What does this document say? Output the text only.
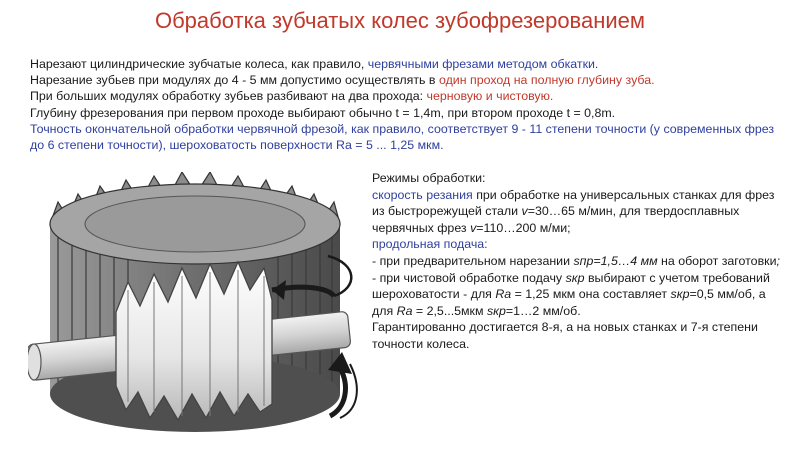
Обработка зубчатых колес зубофрезерованием

Нарезают цилиндрические зубчатые колеса, как правило, червячными фрезами методом обкатки.

Нарезание зубьев при модулях до 4 - 5 мм допустимо осуществлять в один проход на полную глубину зуба.

При больших модулях обработку зубьев разбивают на два прохода: черновую и чистовую.

Глубину фрезерования при первом проходе выбирают обычно t = 1,4m, при втором проходе t = 0,8m.

Точность окончательной обработки червячной фрезой, как правило, соответствует 9 - 11 степени точности (у современных фрез до 6 степени точности), шероховатость поверхности Ra = 5 ... 1,25 мкм.

Режимы обработки:

скорость резания при обработке на универсальных станках для фрез из быстрорежущей стали v=30…65 м/мин, для твердосплавных червячных фрез v=110…200 м/ми;

продольная подача:

- при предварительном нарезании sпр=1,5…4 мм на оборот заготовки;

- при чистовой обработке подачу sкр выбирают с учетом требований шероховатости - для Ra = 1,25 мкм она составляет sкр=0,5 мм/об, а для Ra = 2,5...5мкм sкр=1…2 мм/об.

Гарантированно достигается 8-я, а на новых станках и 7-я степени точности колеса.
